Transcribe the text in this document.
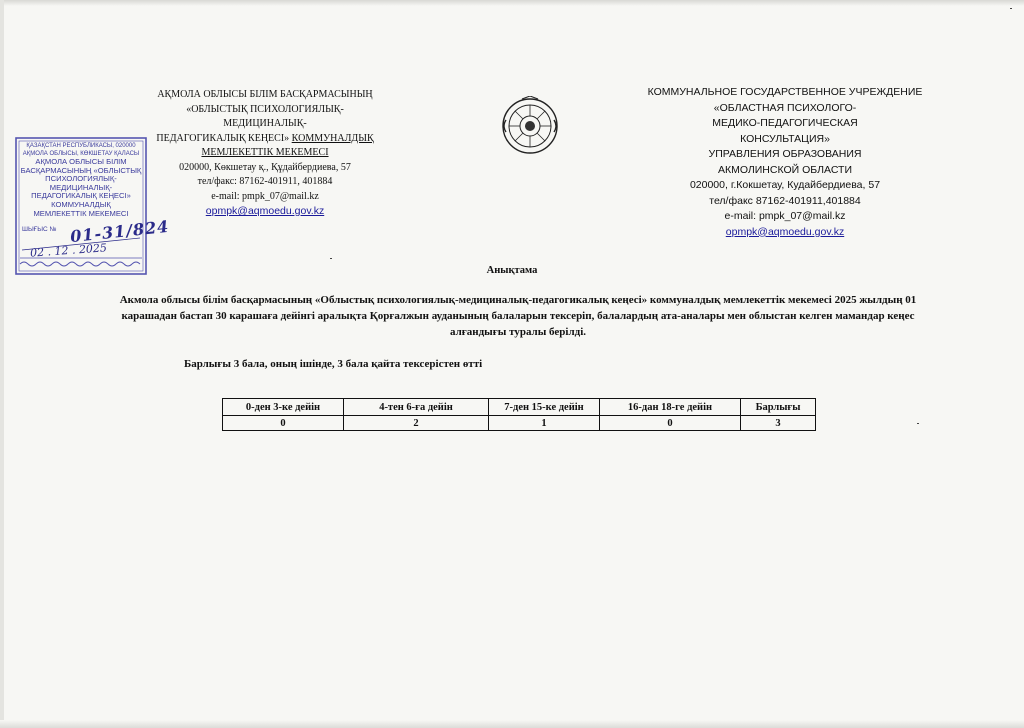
АҚМОЛА ОБЛЫСЫ БІЛІМ БАСҚАРМАСЫНЫҢ
«ОБЛЫСТЫҚ ПСИХОЛОГИЯЛЫҚ-
МЕДИЦИНАЛЫҚ-
ПЕДАГОГИКАЛЫҚ КЕҢЕСІ» КОММУНАЛДЫҚ
МЕМЛЕКЕТТІК МЕКЕМЕСІ
020000, Көкшетау қ., Құдайбердиева, 57
тел/факс: 87162-401911, 401884
e-mail: pmpk_07@mail.kz
opmpk@aqmoedu.gov.kz
КОММУНАЛЬНОЕ ГОСУДАРСТВЕННОЕ УЧРЕЖДЕНИЕ
«ОБЛАСТНАЯ ПСИХОЛОГО-
МЕДИКО-ПЕДАГОГИЧЕСКАЯ
КОНСУЛЬТАЦИЯ»
УПРАВЛЕНИЯ ОБРАЗОВАНИЯ
АКМОЛИНСКОЙ ОБЛАСТИ
020000, г.Кокшетау, Кудайбердиева, 57
тел/факс 87162-401911,401884
e-mail: pmpk_07@mail.kz
opmpk@aqmoedu.gov.kz
ҚАЗАҚСТАН РЕСПУБЛИКАСЫ, 020000
АҚМОЛА ОБЛЫСЫ, КӨКШЕТАУ ҚАЛАСЫ
АҚМОЛА ОБЛЫСЫ БІЛІМ
БАСҚАРМАСЫНЫҢ «ОБЛЫСТЫҚ
ПСИХОЛОГИЯЛЫҚ-
МЕДИЦИНАЛЫҚ-
ПЕДАГОГИКАЛЫҚ КЕҢЕСІ»
КОММУНАЛДЫҚ
МЕМЛЕКЕТТІК МЕКЕМЕСІ
ШЫҒЫС № 01-31/824
02 . 12 . 2025
Анықтама
Акмола облысы білім басқармасының «Облыстық психологиялық-медициналық-педагогикалық кеңесі» коммуналдық мемлекеттік мекемесі 2025 жылдың 01 карашадан бастап 30 карашаға дейінгі аралықта Қорғалжын ауданының балаларын тексеріп, балалардың ата-аналары мен облыстан келген мамандар кеңес алғандығы туралы берілді.
Барлығы 3 бала, оның ішінде, 3 бала қайта тексерістен өтті
0-ден 3-ке дейін	4-тен 6-ға дейін	7-ден 15-ке дейін	16-дан 18-ге дейін	Барлығы
0	2	1	0	3
